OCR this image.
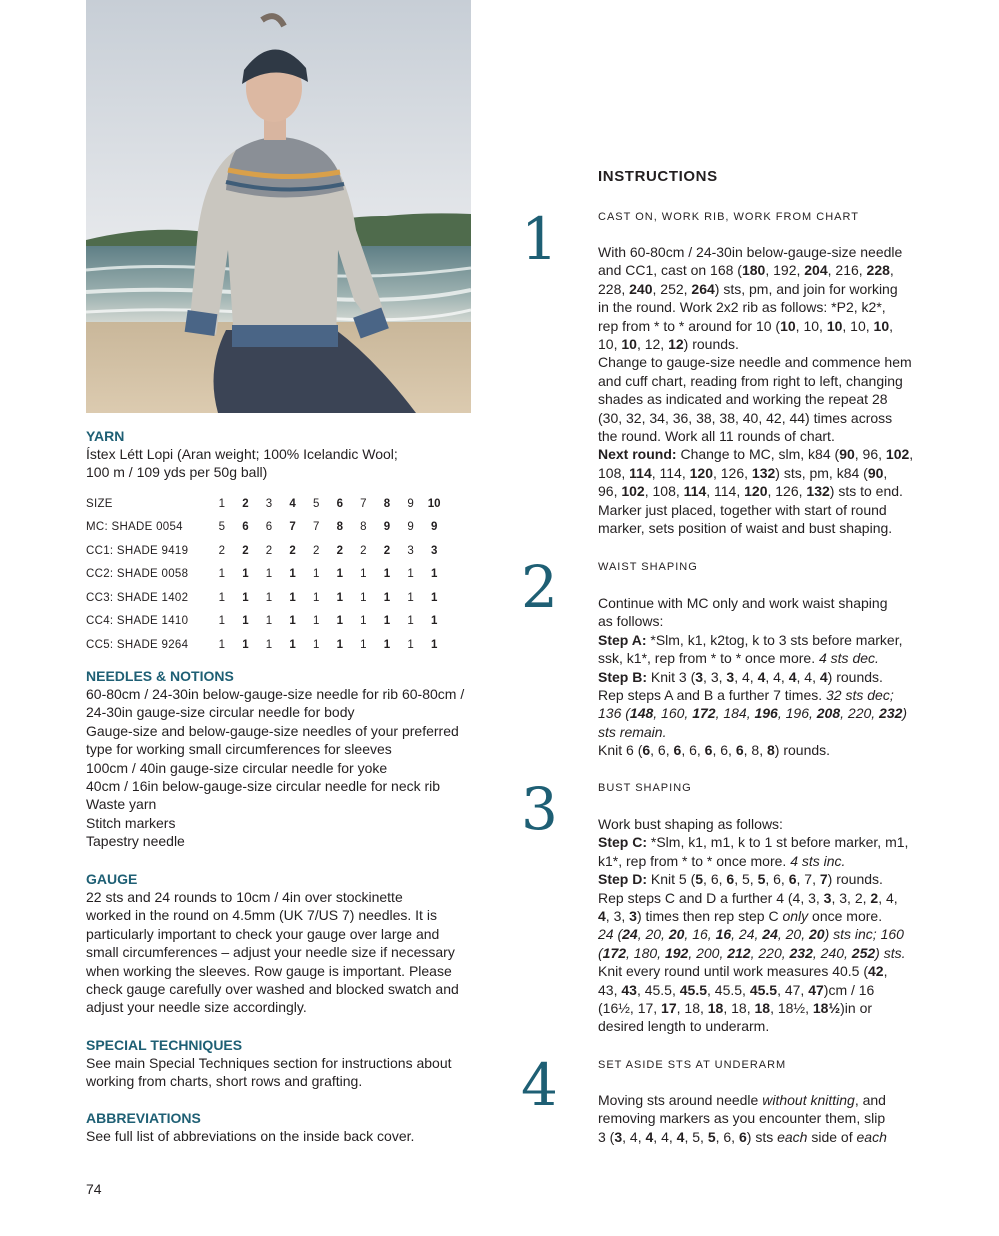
YARN
Ístex Létt Lopi (Aran weight; 100% Icelandic Wool;
100 m / 109 yds per 50g ball)
SIZE	1	2	3	4	5	6	7	8	9	10
MC: SHADE 0054	5	6	6	7	7	8	8	9	9	9
CC1: SHADE 9419	2	2	2	2	2	2	2	2	3	3
CC2: SHADE 0058	1	1	1	1	1	1	1	1	1	1
CC3: SHADE 1402	1	1	1	1	1	1	1	1	1	1
CC4: SHADE 1410	1	1	1	1	1	1	1	1	1	1
CC5: SHADE 9264	1	1	1	1	1	1	1	1	1	1
NEEDLES & NOTIONS
60-80cm / 24-30in below-gauge-size needle for rib 60-80cm /
24-30in gauge-size circular needle for body
Gauge-size and below-gauge-size needles of your preferred
type for working small circumferences for sleeves
100cm / 40in gauge-size circular needle for yoke
40cm / 16in below-gauge-size circular needle for neck rib
Waste yarn
Stitch markers
Tapestry needle
GAUGE
22 sts and 24 rounds to 10cm / 4in over stockinette
worked in the round on 4.5mm (UK 7/US 7) needles. It is
particularly important to check your gauge over large and
small circumferences – adjust your needle size if necessary
when working the sleeves. Row gauge is important. Please
check gauge carefully over washed and blocked swatch and
adjust your needle size accordingly.
SPECIAL TECHNIQUES
See main Special Techniques section for instructions about
working from charts, short rows and grafting.
ABBREVIATIONS
See full list of abbreviations on the inside back cover.
74
INSTRUCTIONS
1	CAST ON, WORK RIB, WORK FROM CHART
With 60-80cm / 24-30in below-gauge-size needle
and CC1, cast on 168 (180, 192, 204, 216, 228,
228, 240, 252, 264) sts, pm, and join for working
in the round. Work 2x2 rib as follows: *P2, k2*,
rep from * to * around for 10 (10, 10, 10, 10, 10,
10, 10, 12, 12) rounds.
Change to gauge-size needle and commence hem
and cuff chart, reading from right to left, changing
shades as indicated and working the repeat 28
(30, 32, 34, 36, 38, 38, 40, 42, 44) times across
the round. Work all 11 rounds of chart.
Next round: Change to MC, slm, k84 (90, 96, 102,
108, 114, 114, 120, 126, 132) sts, pm, k84 (90,
96, 102, 108, 114, 114, 120, 126, 132) sts to end.
Marker just placed, together with start of round
marker, sets position of waist and bust shaping.
2	WAIST SHAPING
Continue with MC only and work waist shaping
as follows:
Step A: *Slm, k1, k2tog, k to 3 sts before marker,
ssk, k1*, rep from * to * once more. 4 sts dec.
Step B: Knit 3 (3, 3, 3, 4, 4, 4, 4, 4, 4) rounds.
Rep steps A and B a further 7 times. 32 sts dec;
136 (148, 160, 172, 184, 196, 196, 208, 220, 232)
sts remain.
Knit 6 (6, 6, 6, 6, 6, 6, 6, 8, 8) rounds.
3	BUST SHAPING
Work bust shaping as follows:
Step C: *Slm, k1, m1, k to 1 st before marker, m1,
k1*, rep from * to * once more. 4 sts inc.
Step D: Knit 5 (5, 6, 6, 5, 5, 6, 6, 7, 7) rounds.
Rep steps C and D a further 4 (4, 3, 3, 3, 2, 2, 4,
4, 3, 3) times then rep step C only once more.
24 (24, 20, 20, 16, 16, 24, 24, 20, 20) sts inc; 160
(172, 180, 192, 200, 212, 220, 232, 240, 252) sts.
Knit every round until work measures 40.5 (42,
43, 43, 45.5, 45.5, 45.5, 45.5, 47, 47)cm / 16
(16½, 17, 17, 18, 18, 18, 18, 18½, 18½)in or
desired length to underarm.
4	SET ASIDE STS AT UNDERARM
Moving sts around needle without knitting, and
removing markers as you encounter them, slip
3 (3, 4, 4, 4, 4, 5, 5, 6, 6) sts each side of each
